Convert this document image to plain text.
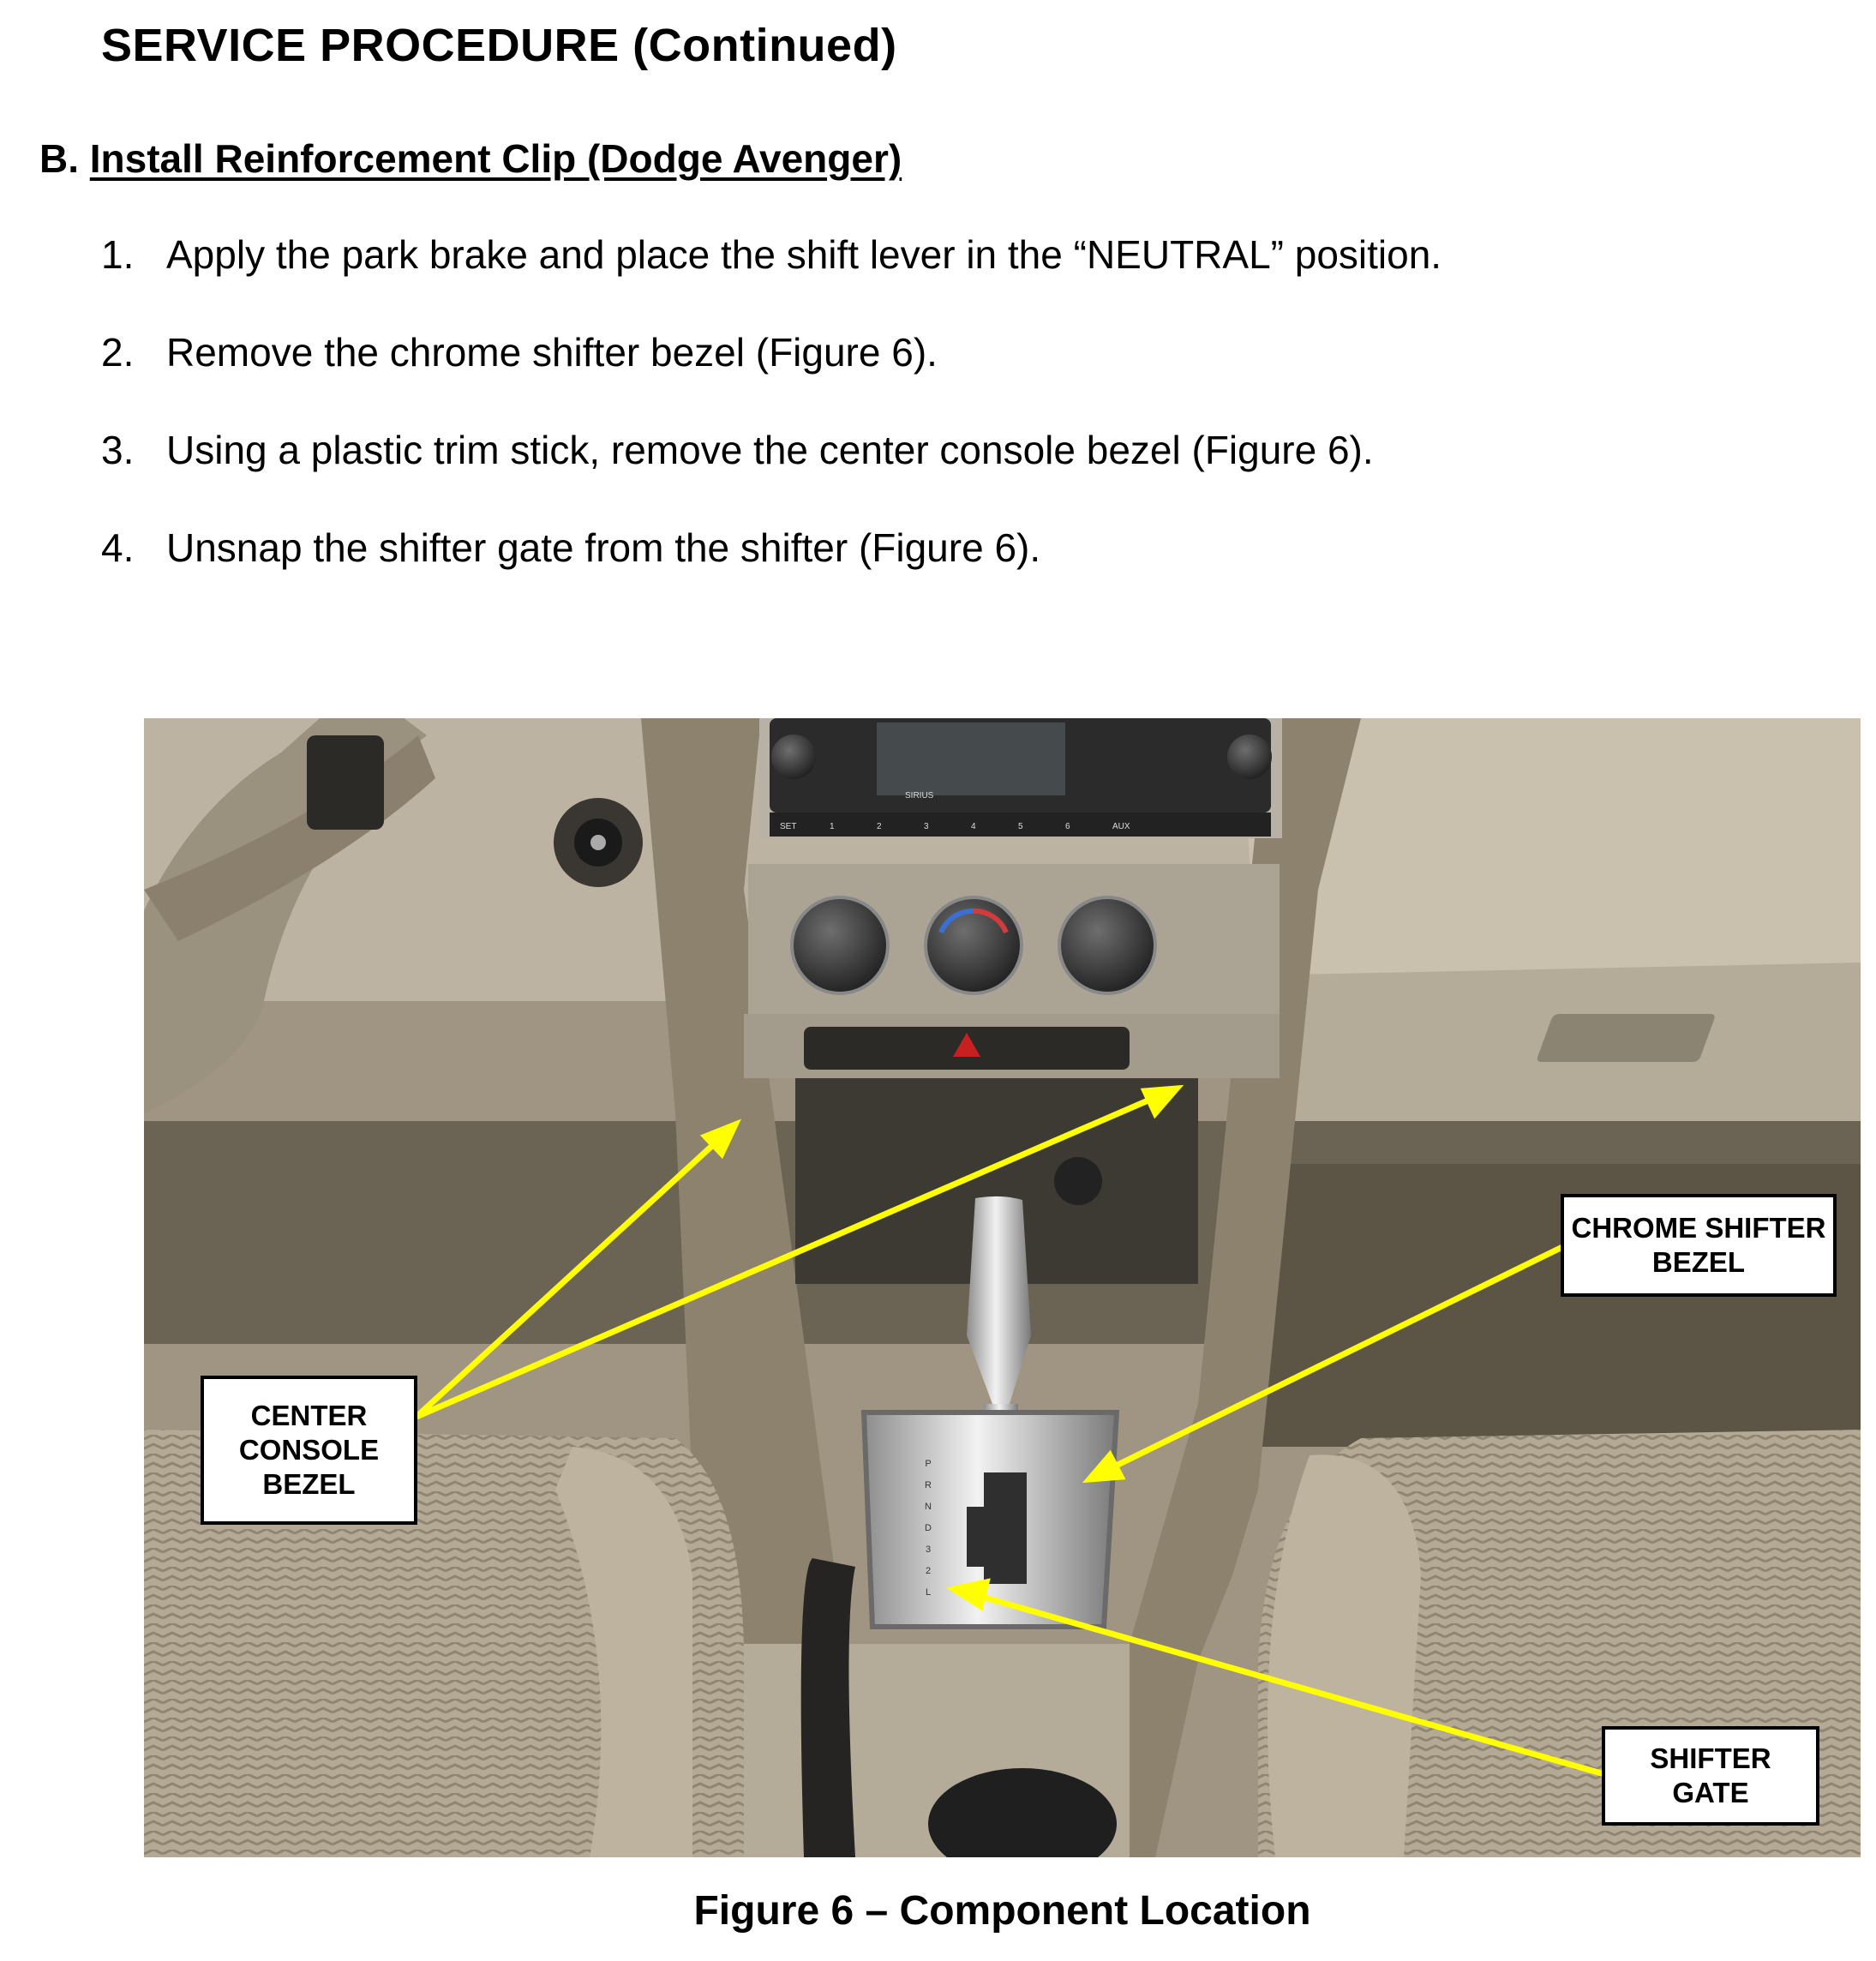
SERVICE PROCEDURE (Continued)
B. Install Reinforcement Clip (Dodge Avenger)
1. Apply the park brake and place the shift lever in the “NEUTRAL” position.
2. Remove the chrome shifter bezel (Figure 6).
3. Using a plastic trim stick, remove the center console bezel (Figure 6).
4. Unsnap the shifter gate from the shifter (Figure 6).
SIRIUS
SET	1	2	3	4	5	6	AUX
P
R
N
D
3
2
L
CENTER
CONSOLE
BEZEL
CHROME SHIFTER
BEZEL
SHIFTER
GATE
Figure 6 – Component Location
